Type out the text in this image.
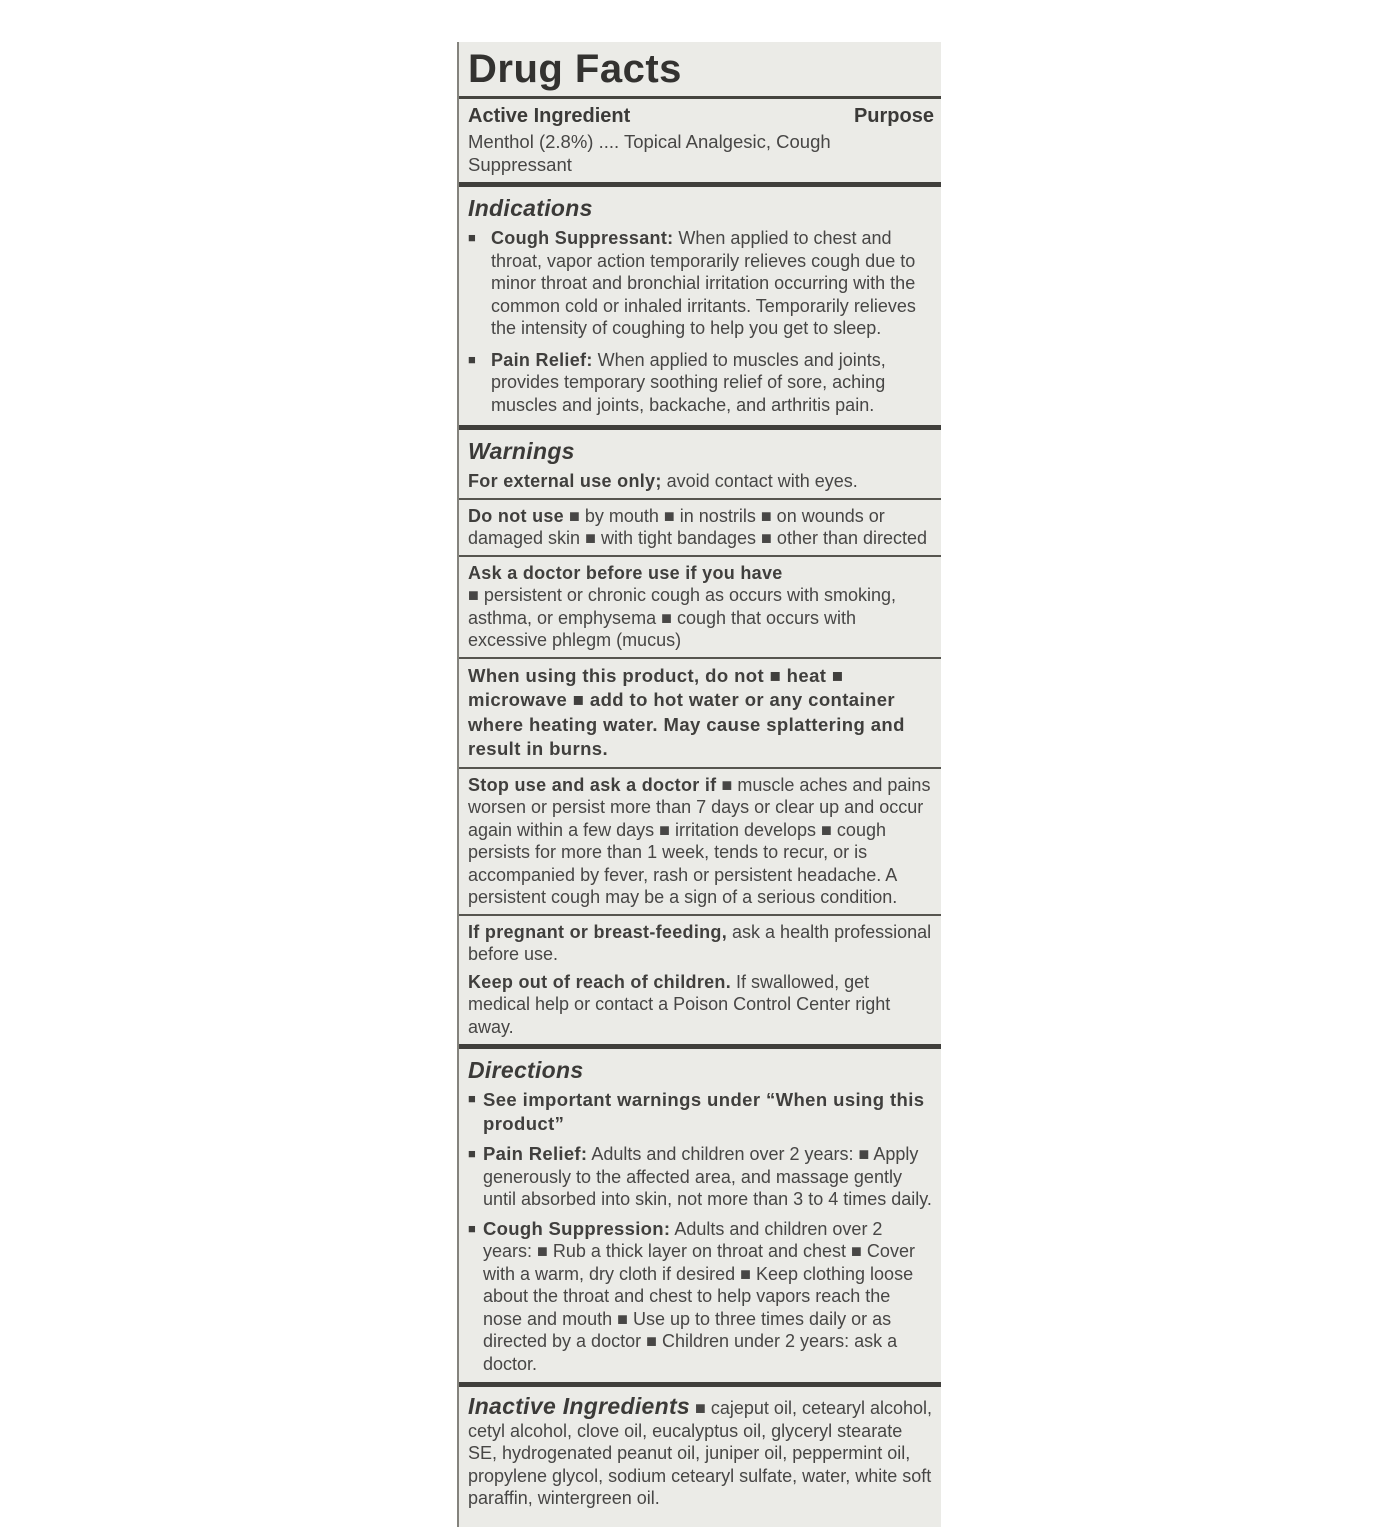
Drug Facts
Active Ingredient	Purpose

Menthol (2.8%) .... Topical Analgesic, Cough Suppressant

Indications
■ Cough Suppressant: When applied to chest and throat, vapor action temporarily relieves cough due to minor throat and bronchial irritation occurring with the common cold or inhaled irritants. Temporarily relieves the intensity of coughing to help you get to sleep.

■ Pain Relief: When applied to muscles and joints, provides temporary soothing relief of sore, aching muscles and joints, backache, and arthritis pain.

Warnings

For external use only; avoid contact with eyes.

Do not use ■ by mouth ■ in nostrils ■ on wounds or damaged skin ■ with tight bandages ■ other than directed

Ask a doctor before use if you have
■ persistent or chronic cough as occurs with smoking, asthma, or emphysema ■ cough that occurs with excessive phlegm (mucus)

When using this product, do not ■ heat ■ microwave ■ add to hot water or any container where heating water. May cause splattering and result in burns.

Stop use and ask a doctor if ■ muscle aches and pains worsen or persist more than 7 days or clear up and occur again within a few days ■ irritation develops ■ cough persists for more than 1 week, tends to recur, or is accompanied by fever, rash or persistent headache. A persistent cough may be a sign of a serious condition.

If pregnant or breast-feeding, ask a health professional before use.

Keep out of reach of children. If swallowed, get medical help or contact a Poison Control Center right away.

Directions
■ See important warnings under “When using this product”

■ Pain Relief: Adults and children over 2 years: ■ Apply generously to the affected area, and massage gently until absorbed into skin, not more than 3 to 4 times daily.

■ Cough Suppression: Adults and children over 2 years: ■ Rub a thick layer on throat and chest ■ Cover with a warm, dry cloth if desired ■ Keep clothing loose about the throat and chest to help vapors reach the nose and mouth ■ Use up to three times daily or as directed by a doctor ■ Children under 2 years: ask a doctor.

Inactive Ingredients ■ cajeput oil, cetearyl alcohol, cetyl alcohol, clove oil, eucalyptus oil, glyceryl stearate SE, hydrogenated peanut oil, juniper oil, peppermint oil, propylene glycol, sodium cetearyl sulfate, water, white soft paraffin, wintergreen oil.
